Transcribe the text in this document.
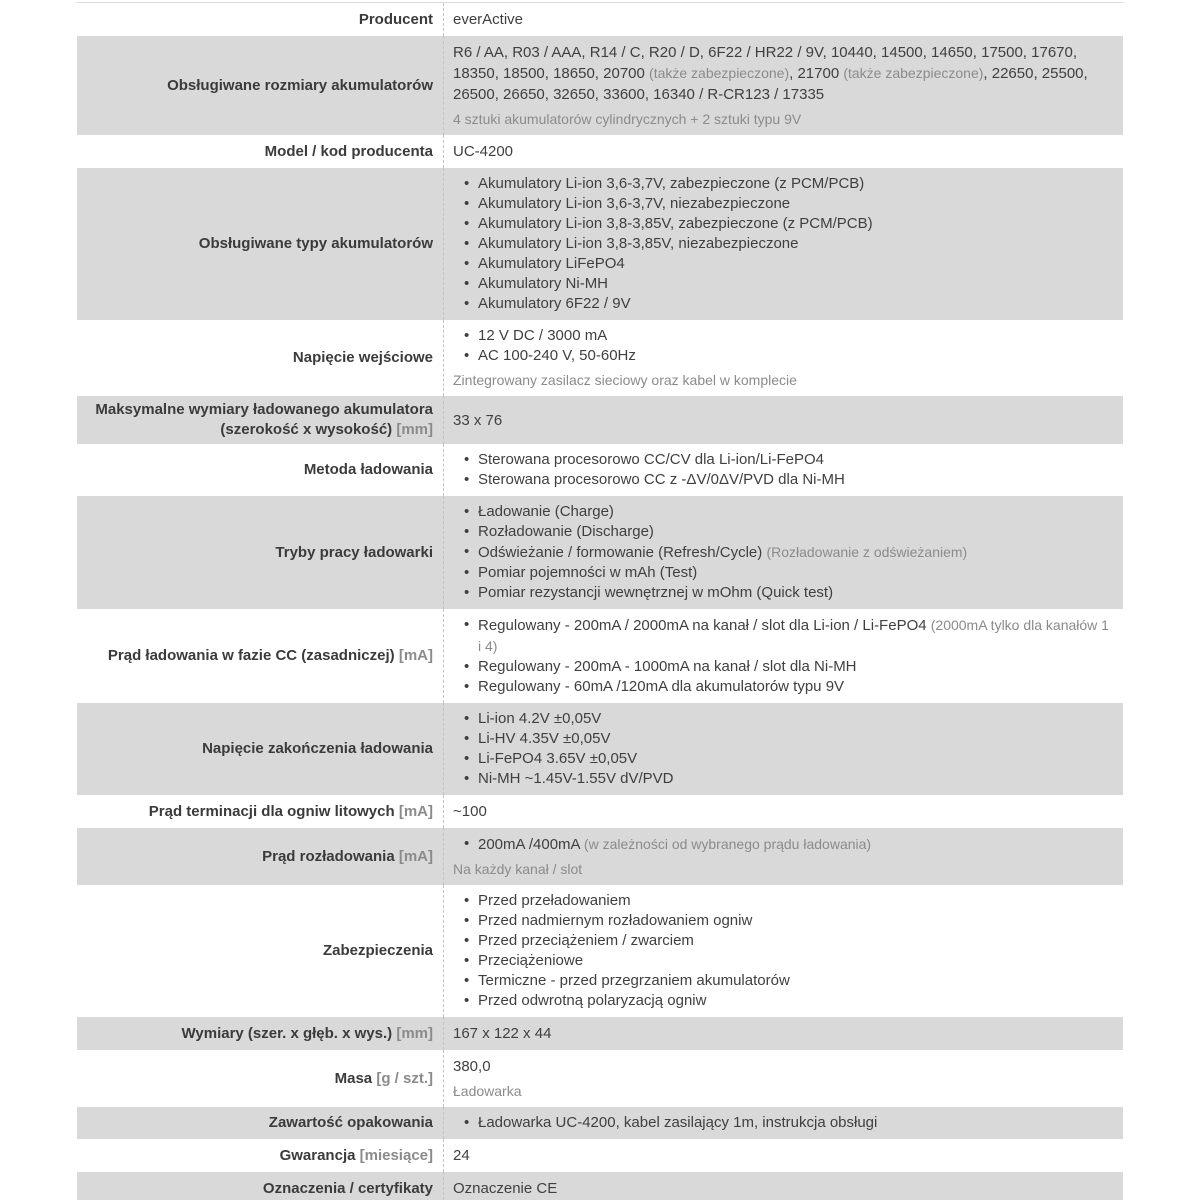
Producent everActive
Obsługiwane rozmiary akumulatorów
R6 / AA, R03 / AAA, R14 / C, R20 / D, 6F22 / HR22 / 9V, 10440, 14500, 14650, 17500, 17670, 18350, 18500, 18650, 20700 (także zabezpieczone), 21700 (także zabezpieczone), 22650, 25500, 26500, 26650, 32650, 33600, 16340 / R-CR123 / 17335
4 sztuki akumulatorów cylindrycznych + 2 sztuki typu 9V
Model / kod producenta UC-4200
Obsługiwane typy akumulatorów
• Akumulatory Li-ion 3,6-3,7V, zabezpieczone (z PCM/PCB)
• Akumulatory Li-ion 3,6-3,7V, niezabezpieczone
• Akumulatory Li-ion 3,8-3,85V, zabezpieczone (z PCM/PCB)
• Akumulatory Li-ion 3,8-3,85V, niezabezpieczone
• Akumulatory LiFePO4
• Akumulatory Ni-MH
• Akumulatory 6F22 / 9V
Napięcie wejściowe
• 12 V DC / 3000 mA
• AC 100-240 V, 50-60Hz
Zintegrowany zasilacz sieciowy oraz kabel w komplecie
Maksymalne wymiary ładowanego akumulatora (szerokość x wysokość) [mm]
33 x 76
Metoda ładowania
• Sterowana procesorowo CC/CV dla Li-ion/Li-FePO4
• Sterowana procesorowo CC z -ΔV/0ΔV/PVD dla Ni-MH
Tryby pracy ładowarki
• Ładowanie (Charge)
• Rozładowanie (Discharge)
• Odświeżanie / formowanie (Refresh/Cycle) (Rozładowanie z odświeżaniem)
• Pomiar pojemności w mAh (Test)
• Pomiar rezystancji wewnętrznej w mOhm (Quick test)
Prąd ładowania w fazie CC (zasadniczej) [mA]
• Regulowany - 200mA / 2000mA na kanał / slot dla Li-ion / Li-FePO4 (2000mA tylko dla kanałów 1 i 4)
• Regulowany - 200mA - 1000mA na kanał / slot dla Ni-MH
• Regulowany - 60mA /120mA dla akumulatorów typu 9V
Napięcie zakończenia ładowania
• Li-ion 4.2V ±0,05V
• Li-HV 4.35V ±0,05V
• Li-FePO4 3.65V ±0,05V
• Ni-MH ~1.45V-1.55V dV/PVD
Prąd terminacji dla ogniw litowych [mA] ~100
Prąd rozładowania [mA]
• 200mA /400mA (w zależności od wybranego prądu ładowania)
Na każdy kanał / slot
Zabezpieczenia
• Przed przeładowaniem
• Przed nadmiernym rozładowaniem ogniw
• Przed przeciążeniem / zwarciem
• Przeciążeniowe
• Termiczne - przed przegrzaniem akumulatorów
• Przed odwrotną polaryzacją ogniw
Wymiary (szer. x głęb. x wys.) [mm] 167 x 122 x 44
Masa [g / szt.]
380,0
Ładowarka
Zawartość opakowania	• Ładowarka UC-4200, kabel zasilający 1m, instrukcja obsługi
Gwarancja [miesiące] 24
Oznaczenia / certyfikaty Oznaczenie CE
